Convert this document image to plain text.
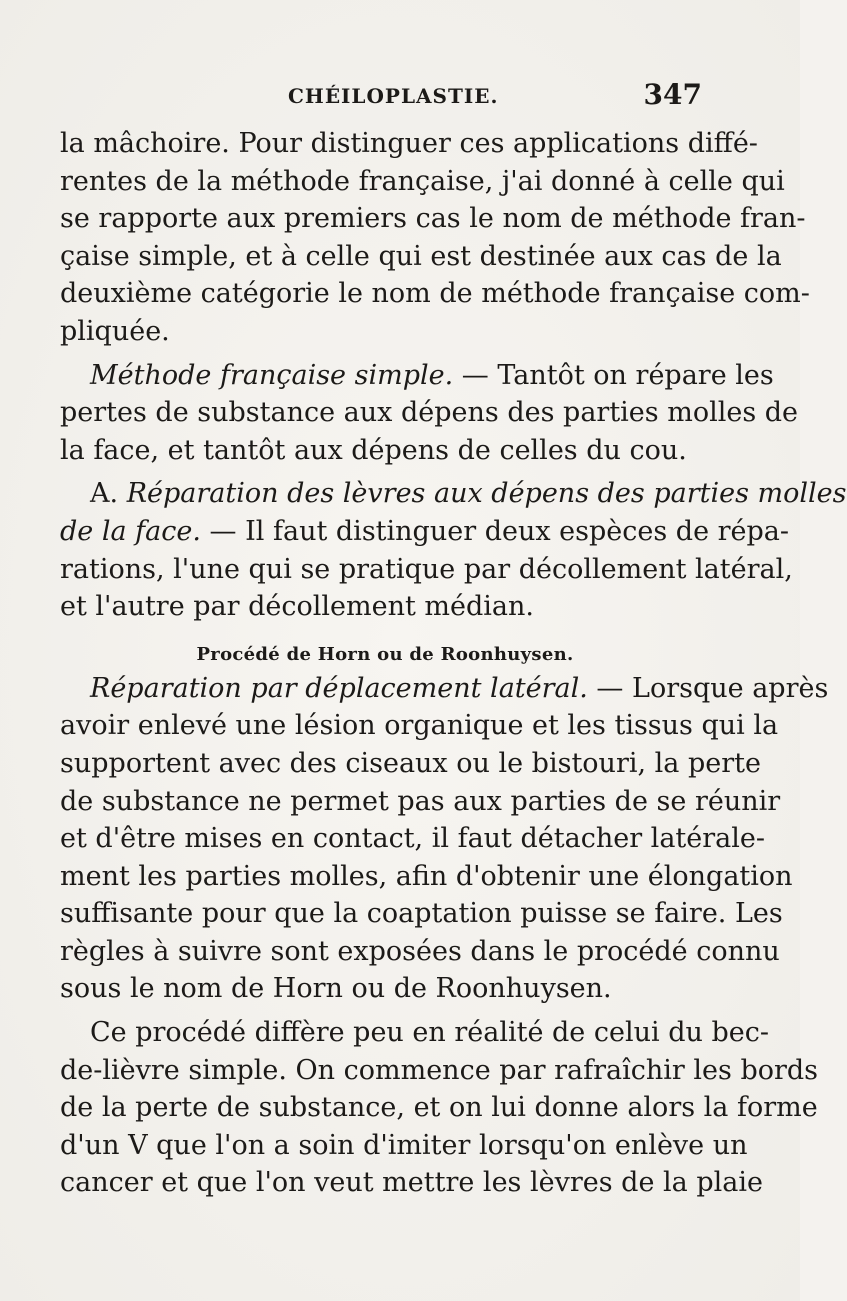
CHÉILOPLASTIE.	347
la mâchoire. Pour distinguer ces applications diffé-
rentes de la méthode française, j'ai donné à celle qui
se rapporte aux premiers cas le nom de méthode fran-
çaise simple, et à celle qui est destinée aux cas de la
deuxième catégorie le nom de méthode française com-
pliquée.
Méthode française simple. — Tantôt on répare les
pertes de substance aux dépens des parties molles de
la face, et tantôt aux dépens de celles du cou.
A. Réparation des lèvres aux dépens des parties molles
de la face. — Il faut distinguer deux espèces de répa-
rations, l'une qui se pratique par décollement latéral,
et l'autre par décollement médian.
Procédé de Horn ou de Roonhuysen.
Réparation par déplacement latéral. — Lorsque après
avoir enlevé une lésion organique et les tissus qui la
supportent avec des ciseaux ou le bistouri, la perte
de substance ne permet pas aux parties de se réunir
et d'être mises en contact, il faut détacher latérale-
ment les parties molles, afin d'obtenir une élongation
suffisante pour que la coaptation puisse se faire. Les
règles à suivre sont exposées dans le procédé connu
sous le nom de Horn ou de Roonhuysen.
Ce procédé diffère peu en réalité de celui du bec-
de-lièvre simple. On commence par rafraîchir les bords
de la perte de substance, et on lui donne alors la forme
d'un V que l'on a soin d'imiter lorsqu'on enlève un
cancer et que l'on veut mettre les lèvres de la plaie
